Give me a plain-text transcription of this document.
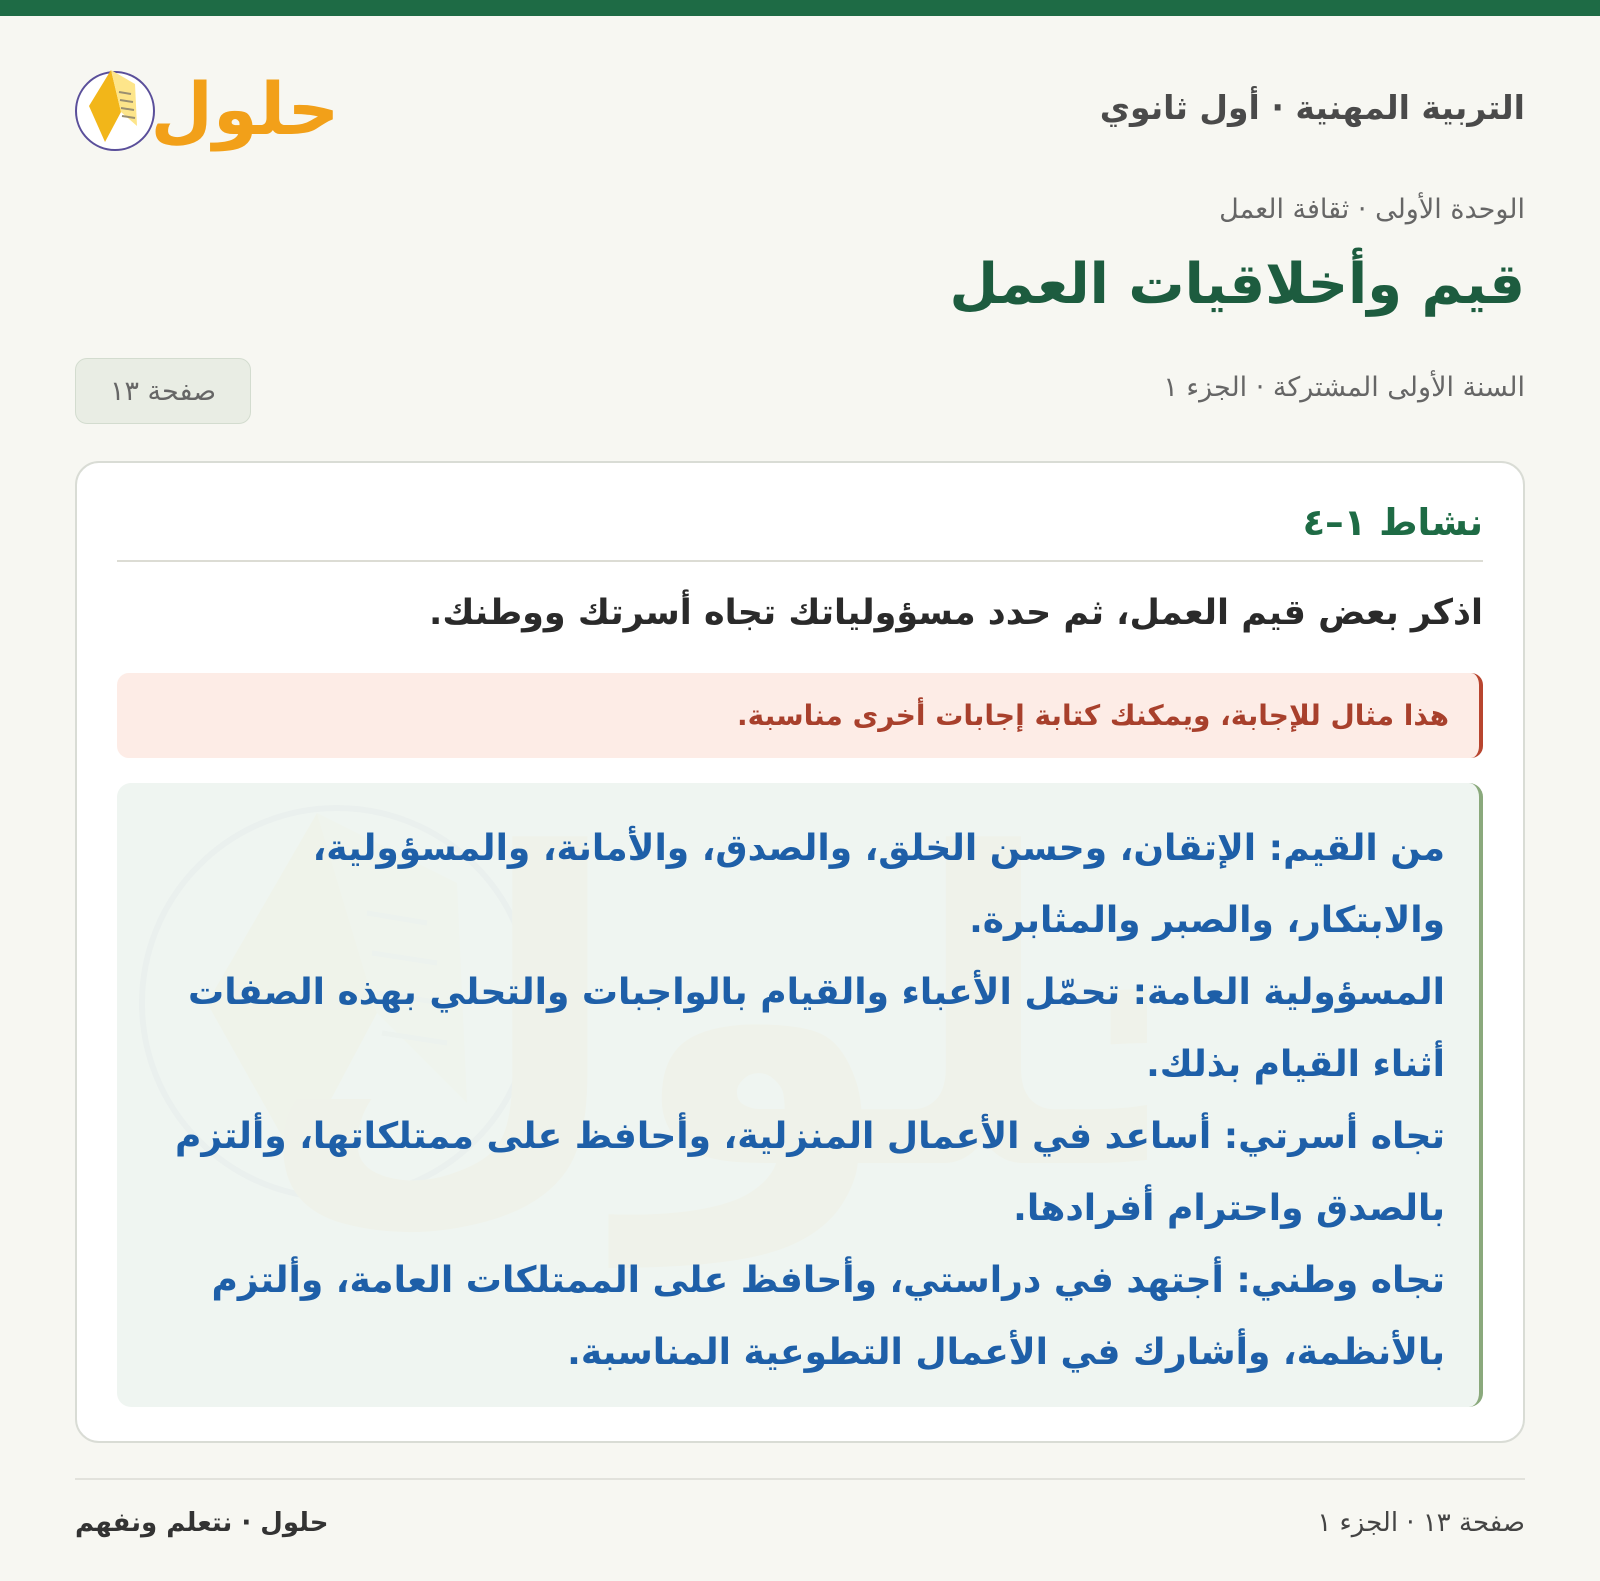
التربية المهنية · أول ثانوي
حلول
الوحدة الأولى · ثقافة العمل
قيم وأخلاقيات العمل
السنة الأولى المشتركة · الجزء ١
صفحة ١٣
نشاط ١–٤
اذكر بعض قيم العمل، ثم حدد مسؤولياتك تجاه أسرتك ووطنك.
هذا مثال للإجابة، ويمكنك كتابة إجابات أخرى مناسبة.
من القيم: الإتقان، وحسن الخلق، والصدق، والأمانة، والمسؤولية، والابتكار، والصبر والمثابرة.
المسؤولية العامة: تحمّل الأعباء والقيام بالواجبات والتحلي بهذه الصفات أثناء القيام بذلك.
تجاه أسرتي: أساعد في الأعمال المنزلية، وأحافظ على ممتلكاتها، وألتزم بالصدق واحترام أفرادها.
تجاه وطني: أجتهد في دراستي، وأحافظ على الممتلكات العامة، وألتزم بالأنظمة، وأشارك في الأعمال التطوعية المناسبة.
صفحة ١٣ · الجزء ١
حلول · نتعلم ونفهم
